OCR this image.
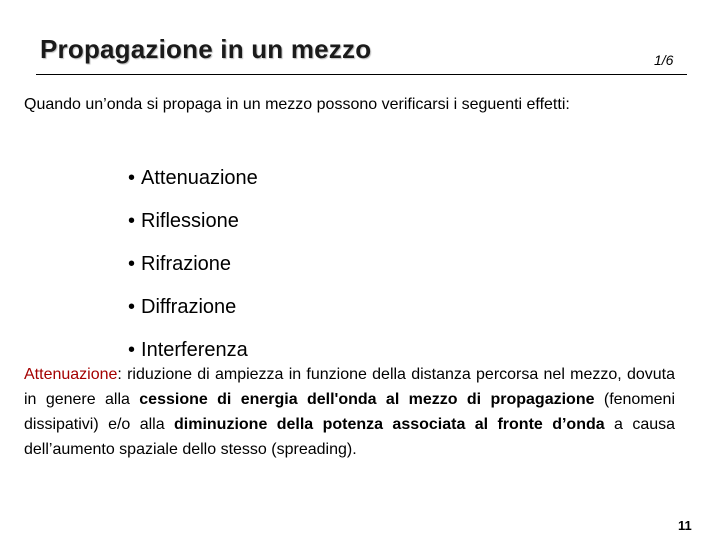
Propagazione in un mezzo	1/6
Quando un’onda si propaga in un mezzo possono verificarsi i seguenti effetti:
• Attenuazione
• Riflessione
• Rifrazione
• Diffrazione
• Interferenza
Attenuazione: riduzione di ampiezza in funzione della distanza percorsa nel mezzo, dovuta in genere alla cessione di energia dell'onda al mezzo di propagazione (fenomeni dissipativi) e/o alla diminuzione della potenza associata al fronte d’onda a causa dell’aumento spaziale dello stesso (spreading).
11
